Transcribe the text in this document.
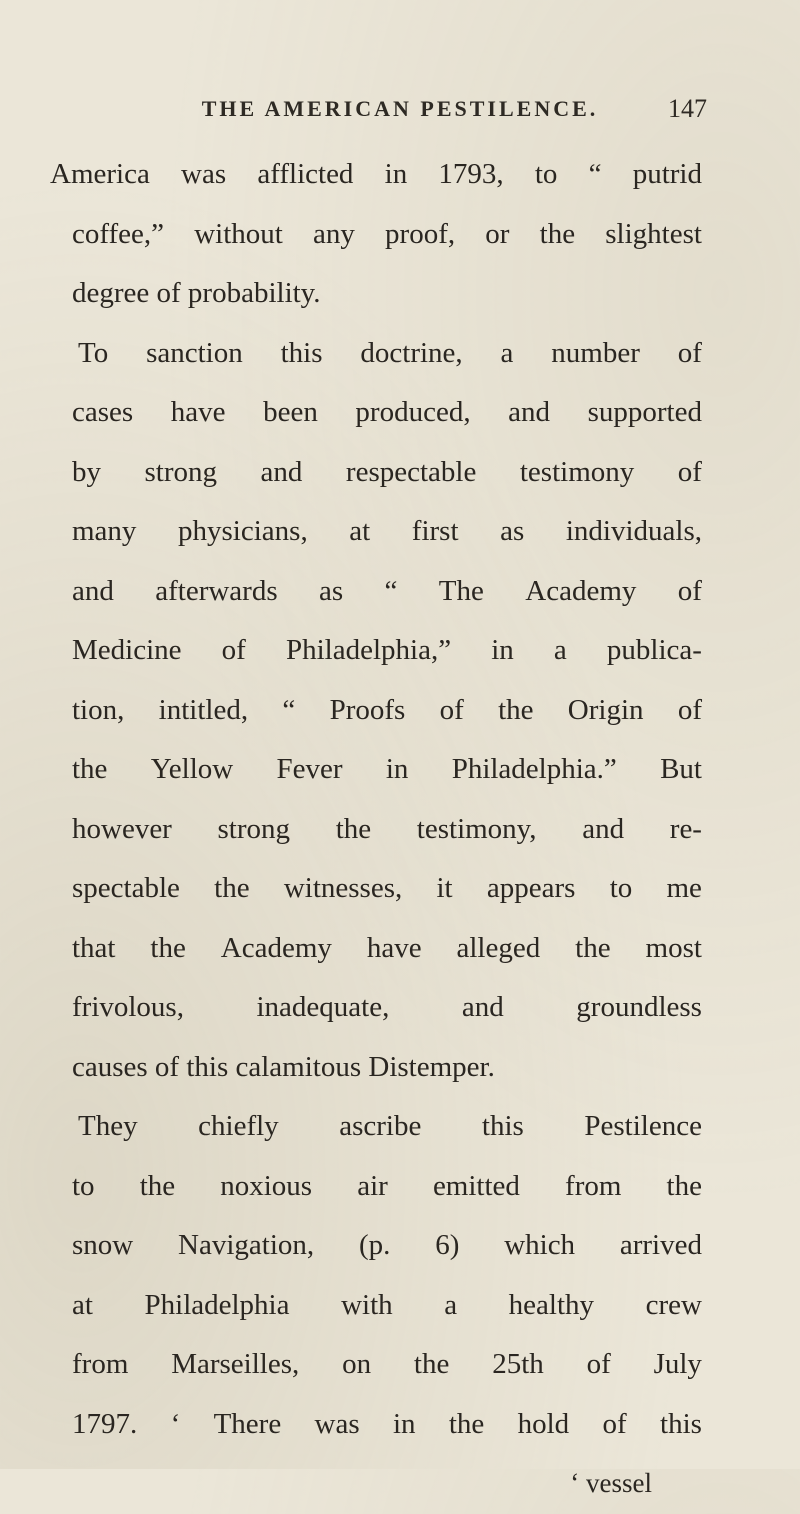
THE AMERICAN PESTILENCE.	147
America was afflicted in 1793, to “ putrid
coffee,” without any proof, or the slightest
degree of probability.
To sanction this doctrine, a number of
cases have been produced, and supported
by strong and respectable testimony of
many physicians, at first as individuals,
and afterwards as “ The Academy of
Medicine of Philadelphia,” in a publica-
tion, intitled, “ Proofs of the Origin of
the Yellow Fever in Philadelphia.” But
however strong the testimony, and re-
spectable the witnesses, it appears to me
that the Academy have alleged the most
frivolous,	inadequate,	and	groundless
causes of this calamitous Distemper.
They chiefly ascribe this Pestilence
to the noxious air emitted from the
snow Navigation, (p. 6) which arrived
at Philadelphia with a healthy crew
from Marseilles, on the 25th of July
1797. ‘ There was in the hold of this
‘ vessel
